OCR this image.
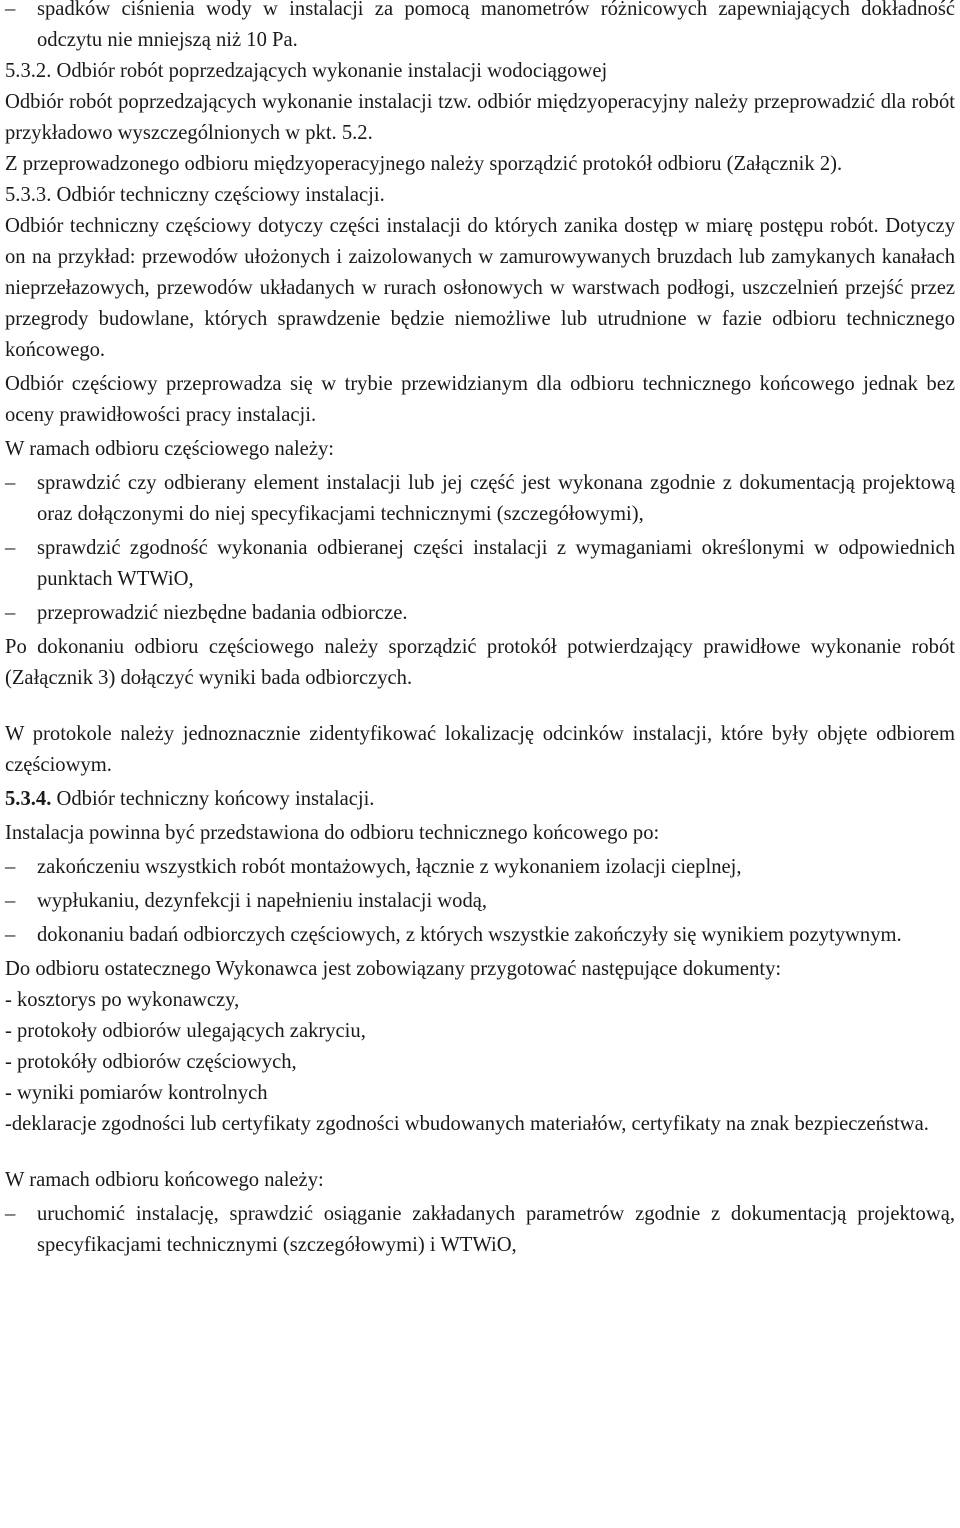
– spadków ciśnienia wody w instalacji za pomocą manometrów różnicowych zapewniających dokładność odczytu nie mniejszą niż 10 Pa.

5.3.2. Odbiór robót poprzedzających wykonanie instalacji wodociągowej

Odbiór robót poprzedzających wykonanie instalacji tzw. odbiór międzyoperacyjny należy przeprowadzić dla robót przykładowo wyszczególnionych w pkt. 5.2.

Z przeprowadzonego odbioru międzyoperacyjnego należy sporządzić protokół odbioru (Załącznik 2).

5.3.3. Odbiór techniczny częściowy instalacji.

Odbiór techniczny częściowy dotyczy części instalacji do których zanika dostęp w miarę postępu robót. Dotyczy on na przykład: przewodów ułożonych i zaizolowanych w zamurowywanych bruzdach lub zamykanych kanałach nieprzełazowych, przewodów układanych w rurach osłonowych w warstwach podłogi, uszczelnień przejść przez przegrody budowlane, których sprawdzenie będzie niemożliwe lub utrudnione w fazie odbioru technicznego końcowego.

Odbiór częściowy przeprowadza się w trybie przewidzianym dla odbioru technicznego końcowego jednak bez oceny prawidłowości pracy instalacji.

W ramach odbioru częściowego należy:

– sprawdzić czy odbierany element instalacji lub jej część jest wykonana zgodnie z dokumentacją projektową oraz dołączonymi do niej specyfikacjami technicznymi (szczegółowymi),
– sprawdzić zgodność wykonania odbieranej części instalacji z wymaganiami określonymi w odpowiednich punktach WTWiO,
– przeprowadzić niezbędne badania odbiorcze.

Po dokonaniu odbioru częściowego należy sporządzić protokół potwierdzający prawidłowe wykonanie robót (Załącznik 3) dołączyć wyniki bada odbiorczych.

W protokole należy jednoznacznie zidentyfikować lokalizację odcinków instalacji, które były objęte odbiorem częściowym.

5.3.4. Odbiór techniczny końcowy instalacji.

Instalacja powinna być przedstawiona do odbioru technicznego końcowego po:

– zakończeniu wszystkich robót montażowych, łącznie z wykonaniem izolacji cieplnej,
– wypłukaniu, dezynfekcji i napełnieniu instalacji wodą,
– dokonaniu badań odbiorczych częściowych, z których wszystkie zakończyły się wynikiem pozytywnym.

Do odbioru ostatecznego Wykonawca jest zobowiązany przygotować następujące dokumenty:

- kosztorys po wykonawczy,

- protokoły odbiorów ulegających zakryciu,

- protokóły odbiorów częściowych,

- wyniki pomiarów kontrolnych

-deklaracje zgodności lub certyfikaty zgodności wbudowanych materiałów, certyfikaty na znak bezpieczeństwa.

W ramach odbioru końcowego należy:

– uruchomić instalację, sprawdzić osiąganie zakładanych parametrów zgodnie z dokumentacją projektową, specyfikacjami technicznymi (szczegółowymi) i WTWiO,
